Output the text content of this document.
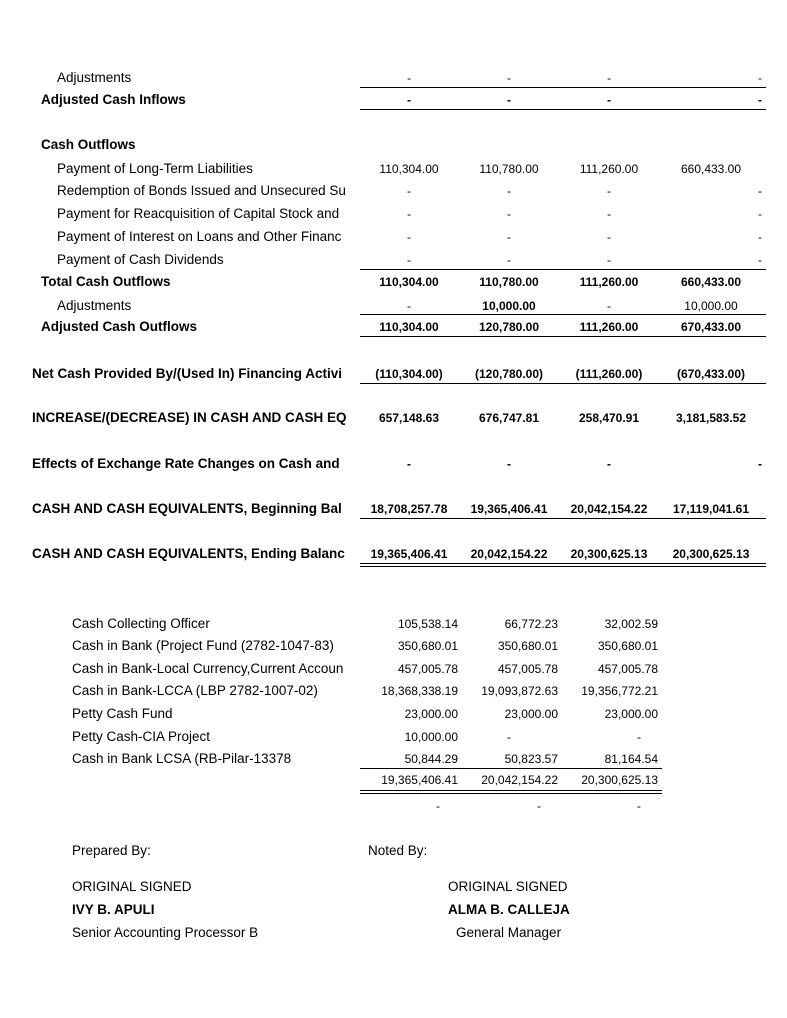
Adjustments	-	-	-	-
Adjusted Cash Inflows	-	-	-	-
Cash Outflows
Payment of Long-Term Liabilities	110,304.00	110,780.00	111,260.00	660,433.00
Redemption of Bonds Issued and Unsecured Su	-	-	-	-
Payment for Reacquisition of Capital Stock and	-	-	-	-
Payment of Interest on Loans and Other Financ	-	-	-	-
Payment of Cash Dividends	-	-	-	-
Total Cash Outflows	110,304.00	110,780.00	111,260.00	660,433.00
Adjustments	-	10,000.00	-	10,000.00
Adjusted Cash Outflows	110,304.00	120,780.00	111,260.00	670,433.00
Net Cash Provided By/(Used In) Financing Activi	(110,304.00)	(120,780.00)	(111,260.00)	(670,433.00)
INCREASE/(DECREASE) IN CASH AND CASH EQ	657,148.63	676,747.81	258,470.91	3,181,583.52
Effects of Exchange Rate Changes on Cash and	-	-	-	-
CASH AND CASH EQUIVALENTS, Beginning Bal	18,708,257.78	19,365,406.41	20,042,154.22	17,119,041.61
CASH AND CASH EQUIVALENTS, Ending Balanc	19,365,406.41	20,042,154.22	20,300,625.13	20,300,625.13
Cash Collecting Officer	105,538.14	66,772.23	32,002.59
Cash in Bank (Project Fund (2782-1047-83)	350,680.01	350,680.01	350,680.01
Cash in Bank-Local Currency,Current Accoun	457,005.78	457,005.78	457,005.78
Cash in Bank-LCCA (LBP 2782-1007-02)	18,368,338.19	19,093,872.63	19,356,772.21
Petty Cash Fund	23,000.00	23,000.00	23,000.00
Petty Cash-CIA Project	10,000.00	-	-
Cash in Bank LCSA (RB-Pilar-13378	50,844.29	50,823.57	81,164.54
19,365,406.41	20,042,154.22	20,300,625.13
-	-	-
Prepared By:	Noted By:
ORIGINAL SIGNED
IVY B. APULI
Senior Accounting Processor B
ORIGINAL SIGNED
ALMA B. CALLEJA
General Manager
